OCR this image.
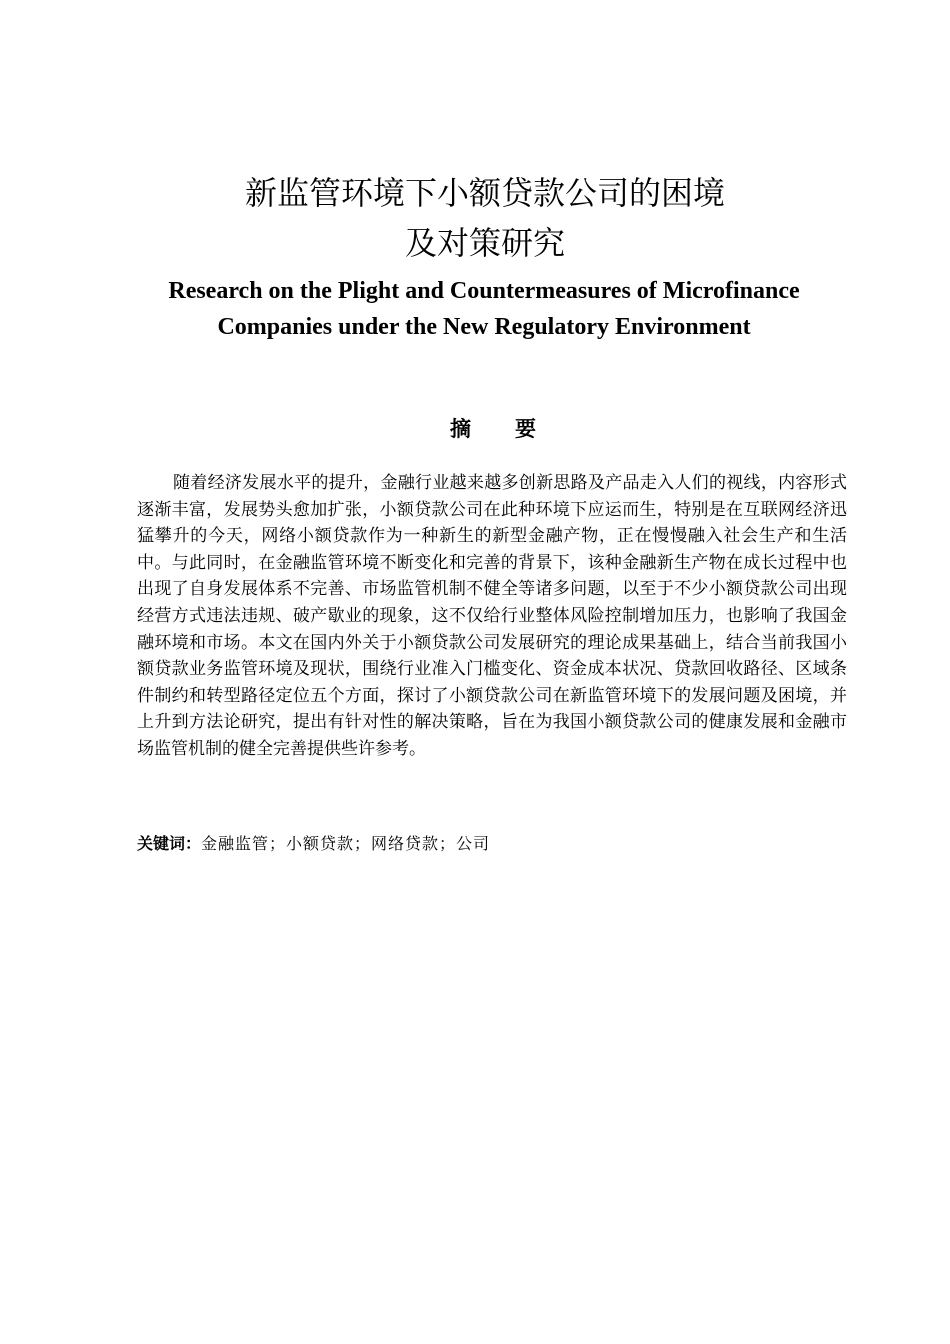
新监管环境下小额贷款公司的困境
及对策研究
Research on the Plight and Countermeasures of Microfinance
Companies under the New Regulatory Environment
摘 要

随着经济发展水平的提升，金融行业越来越多创新思路及产品走入人们的视线，内容形式逐渐丰富，发展势头愈加扩张，小额贷款公司在此种环境下应运而生，特别是在互联网经济迅猛攀升的今天，网络小额贷款作为一种新生的新型金融产物，正在慢慢融入社会生产和生活中。与此同时，在金融监管环境不断变化和完善的背景下，该种金融新生产物在成长过程中也出现了自身发展体系不完善、市场监管机制不健全等诸多问题，以至于不少小额贷款公司出现经营方式违法违规、破产歇业的现象，这不仅给行业整体风险控制增加压力，也影响了我国金融环境和市场。本文在国内外关于小额贷款公司发展研究的理论成果基础上，结合当前我国小额贷款业务监管环境及现状，围绕行业准入门槛变化、资金成本状况、贷款回收路径、区域条件制约和转型路径定位五个方面，探讨了小额贷款公司在新监管环境下的发展问题及困境，并上升到方法论研究，提出有针对性的解决策略，旨在为我国小额贷款公司的健康发展和金融市场监管机制的健全完善提供些许参考。

关键词：金融监管；小额贷款；网络贷款；公司
